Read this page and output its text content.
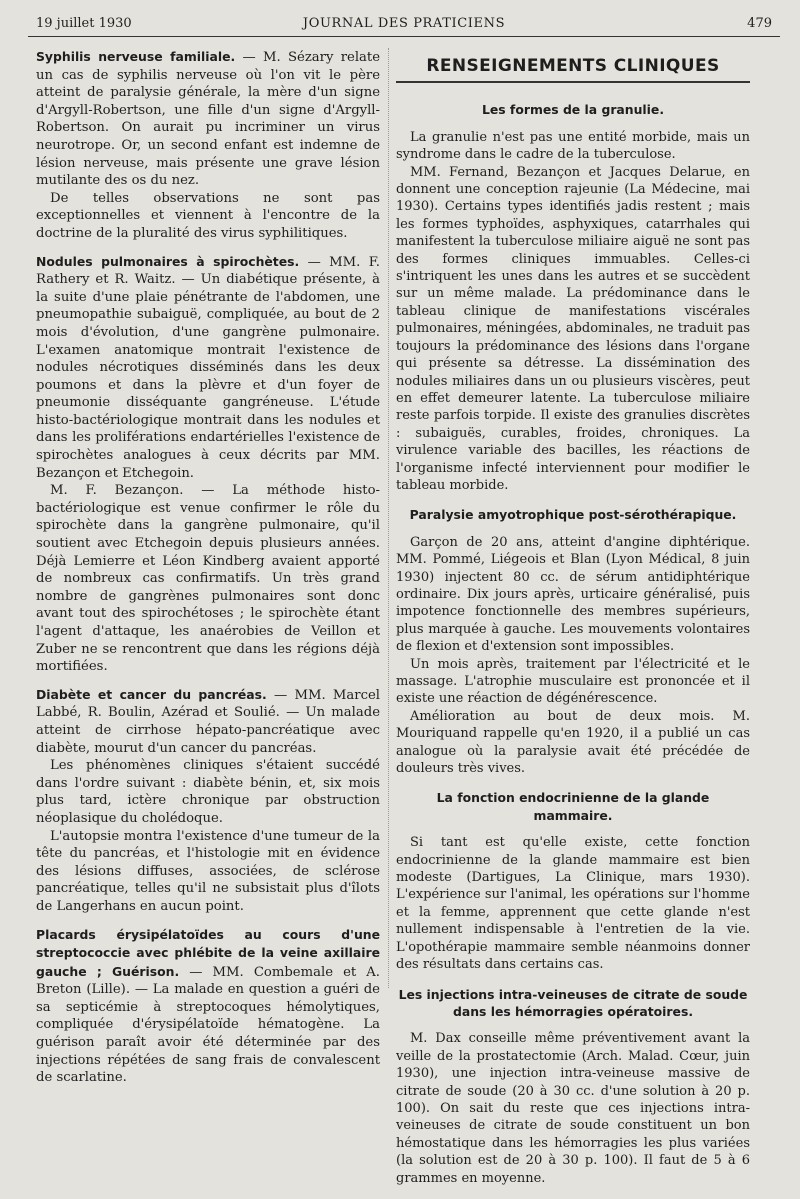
19 juillet 1930	JOURNAL DES PRATICIENS	479

Syphilis nerveuse familiale. — M. Sézary relate un cas de syphilis nerveuse où l'on vit le père atteint de paralysie générale, la mère d'un signe d'Argyll-Robertson, une fille d'un signe d'Argyll-Robertson. On aurait pu incriminer un virus neurotrope. Or, un second enfant est indemne de lésion nerveuse, mais présente une grave lésion mutilante des os du nez.

De telles observations ne sont pas exceptionnelles et viennent à l'encontre de la doctrine de la pluralité des virus syphilitiques.

Nodules pulmonaires à spirochètes. — MM. F. Rathery et R. Waitz. — Un diabétique présente, à la suite d'une plaie pénétrante de l'abdomen, une pneumopathie subaiguë, compliquée, au bout de 2 mois d'évolution, d'une gangrène pulmonaire. L'examen anatomique montrait l'existence de nodules nécrotiques disséminés dans les deux poumons et dans la plèvre et d'un foyer de pneumonie disséquante gangréneuse. L'étude histo-bactériologique montrait dans les nodules et dans les proliférations endartérielles l'existence de spirochètes analogues à ceux décrits par MM. Bezançon et Etchegoin.

M. F. Bezançon. — La méthode histo-bactériologique est venue confirmer le rôle du spirochète dans la gangrène pulmonaire, qu'il soutient avec Etchegoin depuis plusieurs années. Déjà Lemierre et Léon Kindberg avaient apporté de nombreux cas confirmatifs. Un très grand nombre de gangrènes pulmonaires sont donc avant tout des spirochétoses ; le spirochète étant l'agent d'attaque, les anaérobies de Veillon et Zuber ne se rencontrent que dans les régions déjà mortifiées.

Diabète et cancer du pancréas. — MM. Marcel Labbé, R. Boulin, Azérad et Soulié. — Un malade atteint de cirrhose hépato-pancréatique avec diabète, mourut d'un cancer du pancréas.

Les phénomènes cliniques s'étaient succédé dans l'ordre suivant : diabète bénin, et, six mois plus tard, ictère chronique par obstruction néoplasique du cholédoque.

L'autopsie montra l'existence d'une tumeur de la tête du pancréas, et l'histologie mit en évidence des lésions diffuses, associées, de sclérose pancréatique, telles qu'il ne subsistait plus d'îlots de Langerhans en aucun point.

Placards érysipélatoïdes au cours d'une streptococcie avec phlébite de la veine axillaire gauche ; Guérison. — MM. Combemale et A. Breton (Lille). — La malade en question a guéri de sa septicémie à streptocoques hémolytiques, compliquée d'érysipélatoïde hématogène. La guérison paraît avoir été déterminée par des injections répétées de sang frais de convalescent de scarlatine.

RENSEIGNEMENTS CLINIQUES
Les formes de la granulie.

La granulie n'est pas une entité morbide, mais un syndrome dans le cadre de la tuberculose.

MM. Fernand, Bezançon et Jacques Delarue, en donnent une conception rajeunie (La Médecine, mai 1930). Certains types identifiés jadis restent ; mais les formes typhoïdes, asphyxiques, catarrhales qui manifestent la tuberculose miliaire aiguë ne sont pas des formes cliniques immuables. Celles-ci s'intriquent les unes dans les autres et se succèdent sur un même malade. La prédominance dans le tableau clinique de manifestations viscérales pulmonaires, méningées, abdominales, ne traduit pas toujours la prédominance des lésions dans l'organe qui présente sa détresse. La dissémination des nodules miliaires dans un ou plusieurs viscères, peut en effet demeurer latente. La tuberculose miliaire reste parfois torpide. Il existe des granulies discrètes : subaiguës, curables, froides, chroniques. La virulence variable des bacilles, les réactions de l'organisme infecté interviennent pour modifier le tableau morbide.

Paralysie amyotrophique post-sérothérapique.

Garçon de 20 ans, atteint d'angine diphtérique. MM. Pommé, Liégeois et Blan (Lyon Médical, 8 juin 1930) injectent 80 cc. de sérum antidiphtérique ordinaire. Dix jours après, urticaire généralisé, puis impotence fonctionnelle des membres supérieurs, plus marquée à gauche. Les mouvements volontaires de flexion et d'extension sont impossibles.

Un mois après, traitement par l'électricité et le massage. L'atrophie musculaire est prononcée et il existe une réaction de dégénérescence.

Amélioration au bout de deux mois. M. Mouriquand rappelle qu'en 1920, il a publié un cas analogue où la paralysie avait été précédée de douleurs très vives.

La fonction endocrinienne de la glande mammaire.

Si tant est qu'elle existe, cette fonction endocrinienne de la glande mammaire est bien modeste (Dartigues, La Clinique, mars 1930). L'expérience sur l'animal, les opérations sur l'homme et la femme, apprennent que cette glande n'est nullement indispensable à l'entretien de la vie. L'opothérapie mammaire semble néanmoins donner des résultats dans certains cas.

Les injections intra-veineuses de citrate de soude dans les hémorragies opératoires.

M. Dax conseille même préventivement avant la veille de la prostatectomie (Arch. Malad. Cœur, juin 1930), une injection intra-veineuse massive de citrate de soude (20 à 30 cc. d'une solution à 20 p. 100). On sait du reste que ces injections intra-veineuses de citrate de soude constituent un bon hémostatique dans les hémorragies les plus variées (la solution est de 20 à 30 p. 100). Il faut de 5 à 6 grammes en moyenne.
